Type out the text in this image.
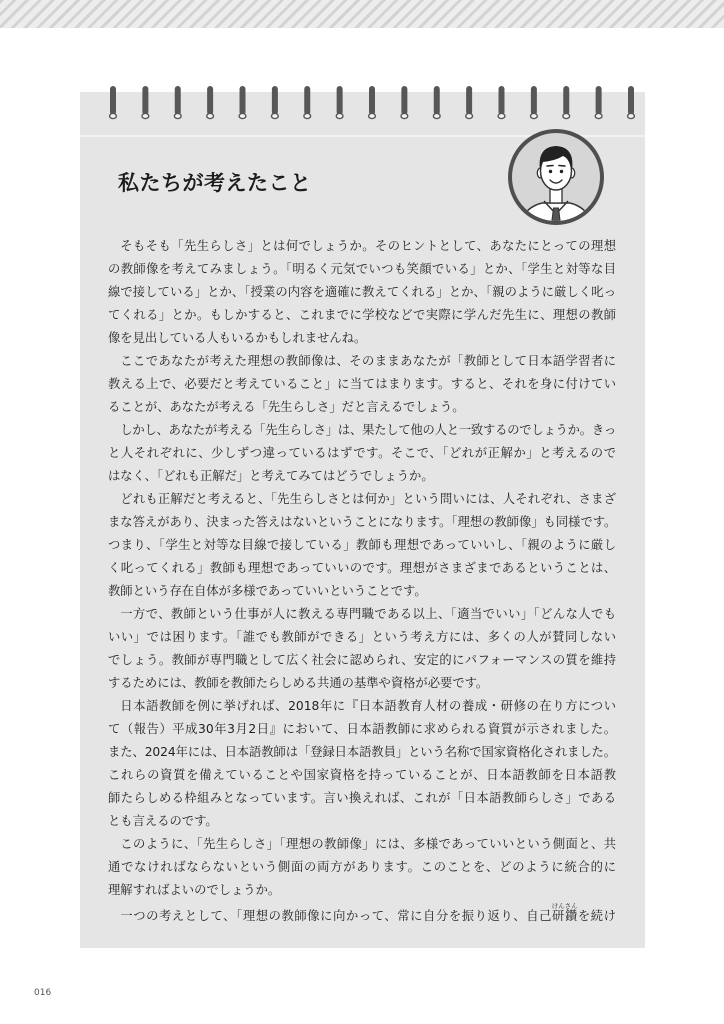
私たちが考えたこと
そもそも「先生らしさ」とは何でしょうか。そのヒントとして、あなたにとっての理想
の教師像を考えてみましょう。「明るく元気でいつも笑顔でいる」とか、「学生と対等な目
線で接している」とか、「授業の内容を適確に教えてくれる」とか、「親のように厳しく叱っ
てくれる」とか。もしかすると、これまでに学校などで実際に学んだ先生に、理想の教師
像を見出している人もいるかもしれませんね。
ここであなたが考えた理想の教師像は、そのままあなたが「教師として日本語学習者に
教える上で、必要だと考えていること」に当てはまります。すると、それを身に付けてい
ることが、あなたが考える「先生らしさ」だと言えるでしょう。
しかし、あなたが考える「先生らしさ」は、果たして他の人と一致するのでしょうか。きっ
と人それぞれに、少しずつ違っているはずです。そこで、「どれが正解か」と考えるので
はなく、「どれも正解だ」と考えてみてはどうでしょうか。
どれも正解だと考えると、「先生らしさとは何か」という問いには、人それぞれ、さまざ
まな答えがあり、決まった答えはないということになります。「理想の教師像」も同様です。
つまり、「学生と対等な目線で接している」教師も理想であっていいし、「親のように厳し
く叱ってくれる」教師も理想であっていいのです。理想がさまざまであるということは、
教師という存在自体が多様であっていいということです。
一方で、教師という仕事が人に教える専門職である以上、「適当でいい」「どんな人でも
いい」では困ります。「誰でも教師ができる」という考え方には、多くの人が賛同しない
でしょう。教師が専門職として広く社会に認められ、安定的にパフォーマンスの質を維持
するためには、教師を教師たらしめる共通の基準や資格が必要です。
日本語教師を例に挙げれば、2018年に『日本語教育人材の養成・研修の在り方につい
て（報告）平成30年3月2日』において、日本語教師に求められる資質が示されました。
また、2024年には、日本語教師は「登録日本語教員」という名称で国家資格化されました。
これらの資質を備えていることや国家資格を持っていることが、日本語教師を日本語教
師たらしめる枠組みとなっています。言い換えれば、これが「日本語教師らしさ」である
とも言えるのです。
このように、「先生らしさ」「理想の教師像」には、多様であっていいという側面と、共
通でなければならないという側面の両方があります。このことを、どのように統合的に
理解すればよいのでしょうか。
一つの考えとして、「理想の教師像に向かって、常に自分を振り返り、自己研鑽けんさんを続け
016
